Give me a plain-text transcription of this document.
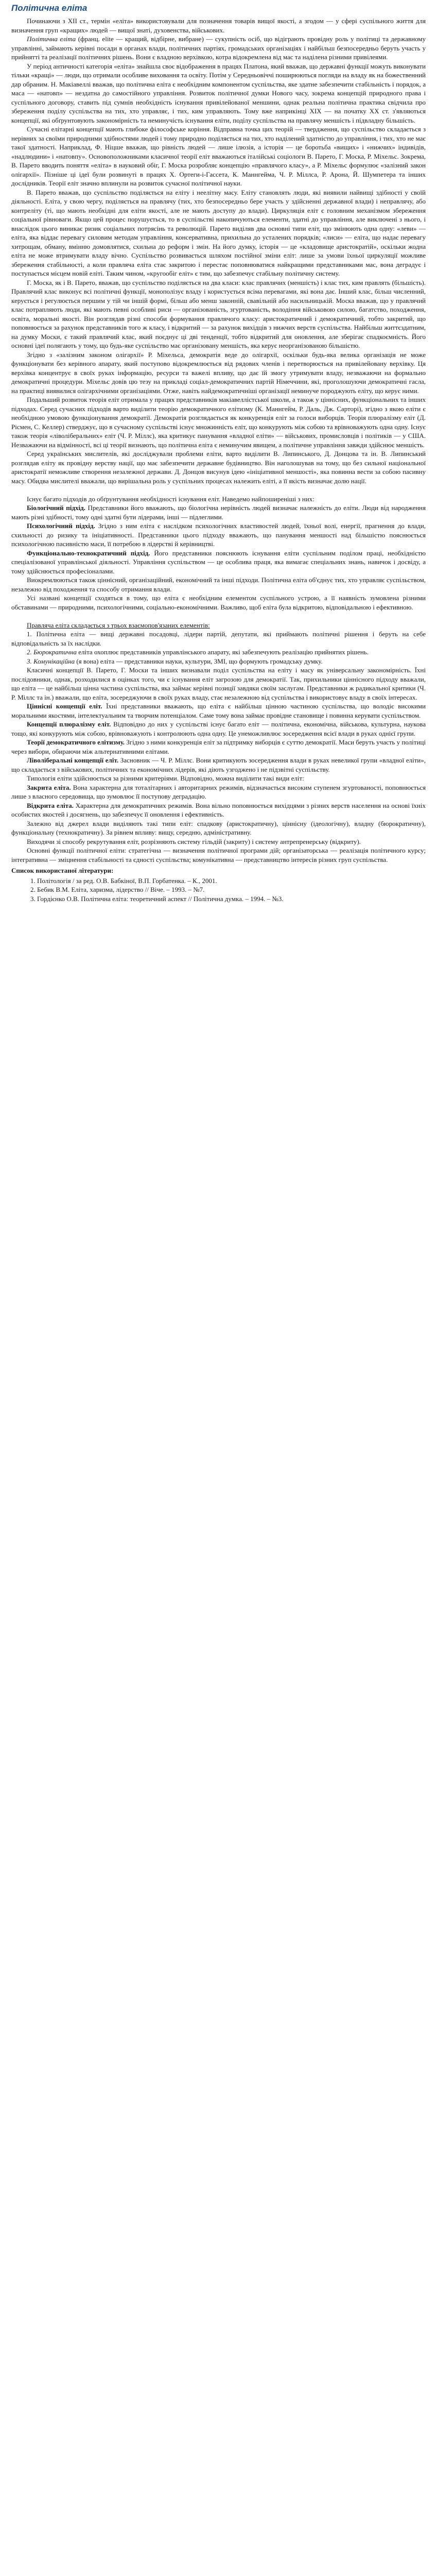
Політична еліта

Починаючи з XII ст., термін «еліта» використовували для позначення товарів вищої якості, а згодом — у сфері суспільного життя для визначення груп «кращих» людей — вищої знаті, духовенства, військових.

Політична еліта (франц. elite — кращий, відбірне, вибране) — сукупність осіб, що відіграють провідну роль у політиці та державному управлінні, займають керівні посади в органах влади, політичних партіях, громадських організаціях і найбільш безпосередньо беруть участь у прийнятті та реалізації політичних рішень. Вони є владною верхівкою, котра відокремлена від мас та наділена різними привілеями.

У період античності категорія «еліта» знайшла своє відображення в працях Платона, який вважав, що державні функції можуть виконувати тільки «кращі» — люди, що отримали особливе виховання та освіту. Потім у Середньовіччі поширюються погляди на владу як на божественний дар обраним. Н. Макіавеллі вважав, що політична еліта є необхідним компонентом суспільства, яке здатне забезпечити стабільність і порядок, а маса — «натовп» — нездатна до самостійного управління. Розвиток політичної думки Нового часу, зокрема концепцій природного права і суспільного договору, ставить під сумнів необхідність існування привілейованої меншини, однак реальна політична практика свідчила про збереження поділу суспільства на тих, хто управляє, і тих, ким управляють. Тому вже наприкінці XIX — на початку XX ст. з'являються концепції, які обґрунтовують закономірність та неминучість існування еліти, поділу суспільства на правлячу меншість і підвладну більшість.

Сучасні елітарні концепції мають глибоке філософське коріння. Відправна точка цих теорій — твердження, що суспільство складається з нерівних за своїми природними здібностями людей і тому природно поділяється на тих, хто наділений здатністю до управління, і тих, хто не має такої здатності. Наприклад, Ф. Ніцше вважав, що рівність людей — лише ілюзія, а історія — це боротьба «вищих» і «нижчих» індивідів, «надлюдини» і «натовпу». Основоположниками класичної теорії еліт вважаються італійські соціологи В. Парето, Г. Моска, Р. Міхельс. Зокрема, В. Парето вводить поняття «еліта» в науковий обіг, Г. Моска розробляє концепцію «правлячого класу», а Р. Міхельс формулює «залізний закон олігархії». Пізніше ці ідеї були розвинуті в працях Х. Ортеги-і-Гассета, К. Маннгейма, Ч. Р. Міллса, Р. Арона, Й. Шумпетера та інших дослідників. Теорії еліт значно вплинули на розвиток сучасної політичної науки.

В. Парето вважав, що суспільство поділяється на еліту і неелітну масу. Еліту становлять люди, які виявили найвищі здібності у своїй діяльності. Еліта, у свою чергу, поділяється на правлячу (тих, хто безпосередньо бере участь у здійсненні державної влади) і неправлячу, або контреліту (ті, що мають необхідні для еліти якості, але не мають доступу до влади). Циркуляція еліт є головним механізмом збереження соціальної рівноваги. Якщо цей процес порушується, то в суспільстві накопичуються елементи, здатні до управління, але виключені з нього, і внаслідок цього виникає ризик соціальних потрясінь та революцій. Парето виділяв два основні типи еліт, що змінюють одна одну: «леви» — еліта, яка віддає перевагу силовим методам управління, консервативна, прихильна до усталених порядків; «лиси» — еліта, що надає перевагу хитрощам, обману, вмінню домовлятися, схильна до реформ і змін. На його думку, історія — це «кладовище аристократій», оскільки жодна еліта не може втримувати владу вічно. Суспільство розвивається шляхом постійної зміни еліт: лише за умови їхньої циркуляції можливе збереження стабільності, а коли правляча еліта стає закритою і перестає поповнюватися найкращими представниками мас, вона деградує і поступається місцем новій еліті. Таким чином, «кругообіг еліт» є тим, що забезпечує стабільну політичну систему.

Г. Моска, як і В. Парето, вважав, що суспільство поділяється на два класи: клас правлячих (меншість) і клас тих, ким правлять (більшість). Правлячий клас виконує всі політичні функції, монополізує владу і користується всіма перевагами, які вона дає. Інший клас, більш численний, керується і регулюється першим у тій чи іншій формі, більш або менш законній, свавільній або насильницькій. Моска вважав, що у правлячий клас потрапляють люди, які мають певні особливі риси — організованість, згуртованість, володіння військовою силою, багатство, походження, освіта, моральні якості. Він розглядав різні способи формування правлячого класу: аристократичний і демократичний, тобто закритий, що поповнюється за рахунок представників того ж класу, і відкритий — за рахунок вихідців з нижчих верств суспільства. Найбільш життєздатним, на думку Моски, є такий правлячий клас, який поєднує ці дві тенденції, тобто відкритий для оновлення, але зберігає спадкоємність. Його основні ідеї полягають у тому, що будь-яке суспільство має організовану меншість, яка керує неорганізованою більшістю.

Згідно з «залізним законом олігархії» Р. Міхельса, демократія веде до олігархії, оскільки будь-яка велика організація не може функціонувати без керівного апарату, який поступово відокремлюється від рядових членів і перетворюється на привілейовану верхівку. Ця верхівка концентрує в своїх руках інформацію, ресурси та важелі впливу, що дає їй змогу утримувати владу, незважаючи на формально демократичні процедури. Міхельс довів цю тезу на прикладі соціал-демократичних партій Німеччини, які, проголошуючи демократичні гасла, на практиці виявилися олігархічними організаціями. Отже, навіть найдемократичніші організації неминуче породжують еліту, що керує ними.

Подальший розвиток теорія еліт отримала у працях представників макіавеллістської школи, а також у ціннісних, функціональних та інших підходах. Серед сучасних підходів варто виділити теорію демократичного елітизму (К. Маннгейм, Р. Даль, Дж. Сарторі), згідно з якою еліти є необхідною умовою функціонування демократії. Демократія розглядається як конкуренція еліт за голоси виборців. Теорія плюралізму еліт (Д. Рісмен, С. Келлер) стверджує, що в сучасному суспільстві існує множинність еліт, що конкурують між собою та врівноважують одна одну. Існує також теорія «ліволіберальних» еліт (Ч. Р. Міллс), яка критикує панування «владної еліти» — військових, промисловців і політиків — у США. Незважаючи на відмінності, всі ці теорії визнають, що політична еліта є неминучим явищем, а політичне управління завжди здійснює меншість.

Серед українських мислителів, які досліджували проблеми еліти, варто виділити В. Липинського, Д. Донцова та ін. В. Липинський розглядав еліту як провідну верству нації, що має забезпечити державне будівництво. Він наголошував на тому, що без сильної національної аристократії неможливе створення незалежної держави. Д. Донцов висунув ідею «ініціативної меншості», яка повинна вести за собою пасивну масу. Обидва мислителі вважали, що вирішальна роль у суспільних процесах належить еліті, а її якість визначає долю нації.

Існує багато підходів до обґрунтування необхідності існування еліт. Наведемо найпоширеніші з них:

Біологічний підхід. Представники його вважають, що біологічна нерівність людей визначає належність до еліти. Люди від народження мають різні здібності, тому одні здатні бути лідерами, інші — підлеглими.

Психологічний підхід. Згідно з ним еліта є наслідком психологічних властивостей людей, їхньої волі, енергії, прагнення до влади, схильності до ризику та ініціативності. Представники цього підходу вважають, що панування меншості над більшістю пояснюється психологічною пасивністю маси, її потребою в лідерстві й керівництві.

Функціонально-технократичний підхід. Його представники пояснюють існування еліти суспільним поділом праці, необхідністю спеціалізованої управлінської діяльності. Управління суспільством — це особлива праця, яка вимагає спеціальних знань, навичок і досвіду, а тому здійснюється професіоналами.

Виокремлюються також ціннісний, організаційний, економічний та інші підходи. Політична еліта об'єднує тих, хто управляє суспільством, незалежно від походження та способу отримання влади.

Усі названі концепції сходяться в тому, що еліта є необхідним елементом суспільного устрою, а її наявність зумовлена різними обставинами — природними, психологічними, соціально-економічними. Важливо, щоб еліта була відкритою, відповідальною і ефективною.

Правляча еліта складається з трьох взаємопов'язаних елементів:

1. Політична еліта — вищі державні посадовці, лідери партій, депутати, які приймають політичні рішення і беруть на себе відповідальність за їх наслідки.

2. Бюрократична еліта охоплює представників управлінського апарату, які забезпечують реалізацію прийнятих рішень.

3. Комунікаційна (я вона) еліта — представники науки, культури, ЗМІ, що формують громадську думку.

Класичні концепції В. Парето, Г. Моски та інших визнавали поділ суспільства на еліту і масу як універсальну закономірність. Їхні послідовники, однак, розходилися в оцінках того, чи є існування еліт загрозою для демократії. Так, прихильники ціннісного підходу вважали, що еліта — це найбільш цінна частина суспільства, яка займає керівні позиції завдяки своїм заслугам. Представники ж радикальної критики (Ч. Р. Міллс та ін.) вважали, що еліта, зосереджуючи в своїх руках владу, стає незалежною від суспільства і використовує владу в своїх інтересах.

Ціннісні концепції еліт. Їхні представники вважають, що еліта є найбільш цінною частиною суспільства, що володіє високими моральними якостями, інтелектуальним та творчим потенціалом. Саме тому вона займає провідне становище і повинна керувати суспільством.

Концепції плюралізму еліт. Відповідно до них у суспільстві існує багато еліт — політична, економічна, військова, культурна, наукова тощо, які конкурують між собою, врівноважують і контролюють одна одну. Це унеможливлює зосередження всієї влади в руках однієї групи.

Теорії демократичного елітизму. Згідно з ними конкуренція еліт за підтримку виборців є суттю демократії. Маси беруть участь у політиці через вибори, обираючи між альтернативними елітами.

Ліволіберальні концепції еліт. Засновник — Ч. Р. Міллс. Вони критикують зосередження влади в руках невеликої групи «владної еліти», що складається з військових, політичних та економічних лідерів, які діють узгоджено і не підзвітні суспільству.

Типологія еліти здійснюється за різними критеріями. Відповідно, можна виділити такі види еліт:

Закрита еліта. Вона характерна для тоталітарних і авторитарних режимів, відзначається високим ступенем згуртованості, поповнюється лише з власного середовища, що зумовлює її поступову деградацію.

Відкрита еліта. Характерна для демократичних режимів. Вона вільно поповнюється вихідцями з різних верств населення на основі їхніх особистих якостей і досягнень, що забезпечує її оновлення і ефективність.

Залежно від джерел влади виділяють такі типи еліт: спадкову (аристократичну), ціннісну (ідеологічну), владну (бюрократичну), функціональну (технократичну). За рівнем впливу: вищу, середню, адміністративну.

Виходячи зі способу рекрутування еліт, розрізняють систему гільдій (закриту) і систему антрепренерську (відкриту).

Основні функції політичної еліти: стратегічна — визначення політичної програми дій; організаторська — реалізація політичного курсу; інтегративна — зміцнення стабільності та єдності суспільства; комунікативна — представництво інтересів різних груп суспільства.

Список використаної літератури:
1. Політологія / за ред. О.В. Бабкіної, В.П. Горбатенка. – К., 2001.
2. Бебик В.М. Еліта, харизма, лідерство // Віче. – 1993. – №7.
3. Гордієнко О.В. Політична еліта: теоретичний аспект // Політична думка. – 1994. – №3.
